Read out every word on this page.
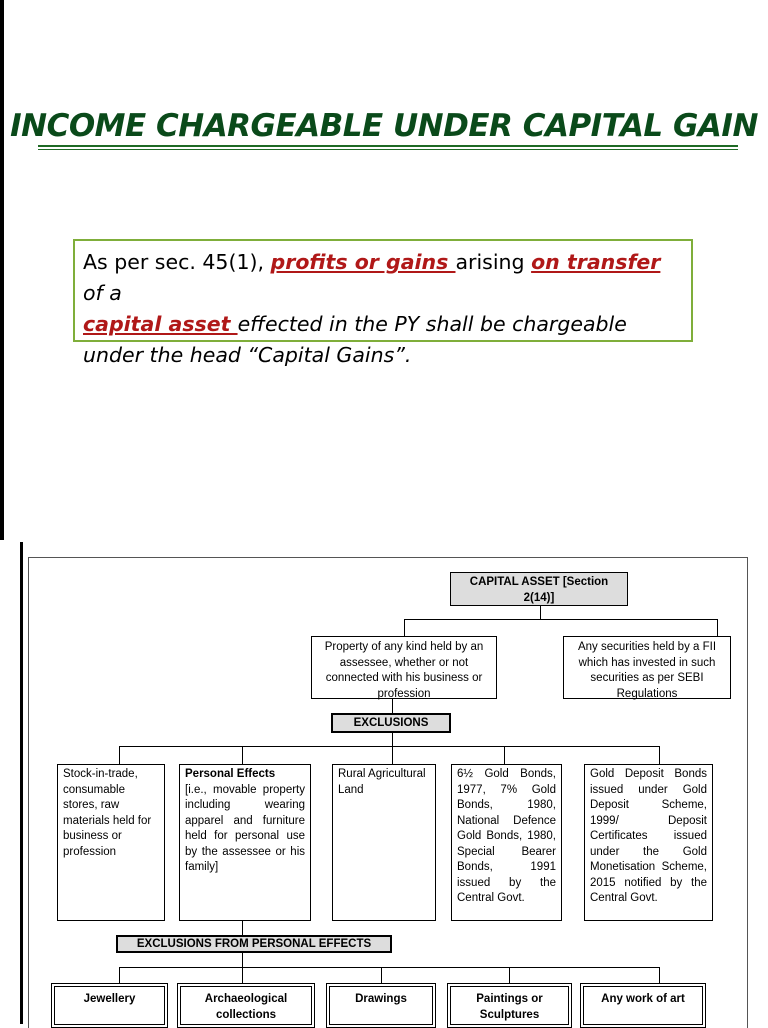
INCOME CHARGEABLE UNDER CAPITAL GAIN
As per sec. 45(1), profits or gains arising on transfer of a
capital asset effected in the PY shall be chargeable under the head “Capital Gains”.
CAPITAL ASSET [Section 2(14)]
Property of any kind held by an assessee, whether or not connected with his business or profession
Any securities held by a FII which has invested in such securities as per SEBI Regulations
EXCLUSIONS
Stock-in-trade, consumable stores, raw materials held for business or profession
Personal Effects
[i.e., movable property including wearing apparel and furniture held for personal use by the assessee or his family]
Rural Agricultural Land
6½ Gold Bonds, 1977, 7% Gold Bonds, 1980, National Defence Gold Bonds, 1980, Special Bearer Bonds, 1991 issued by the Central Govt.
Gold Deposit Bonds issued under Gold Deposit Scheme, 1999/ Deposit Certificates issued under the Gold Monetisation Scheme, 2015 notified by the Central Govt.
EXCLUSIONS FROM PERSONAL EFFECTS
Jewellery	Archaeological collections
Drawings	Paintings or Sculptures
Any work of art
